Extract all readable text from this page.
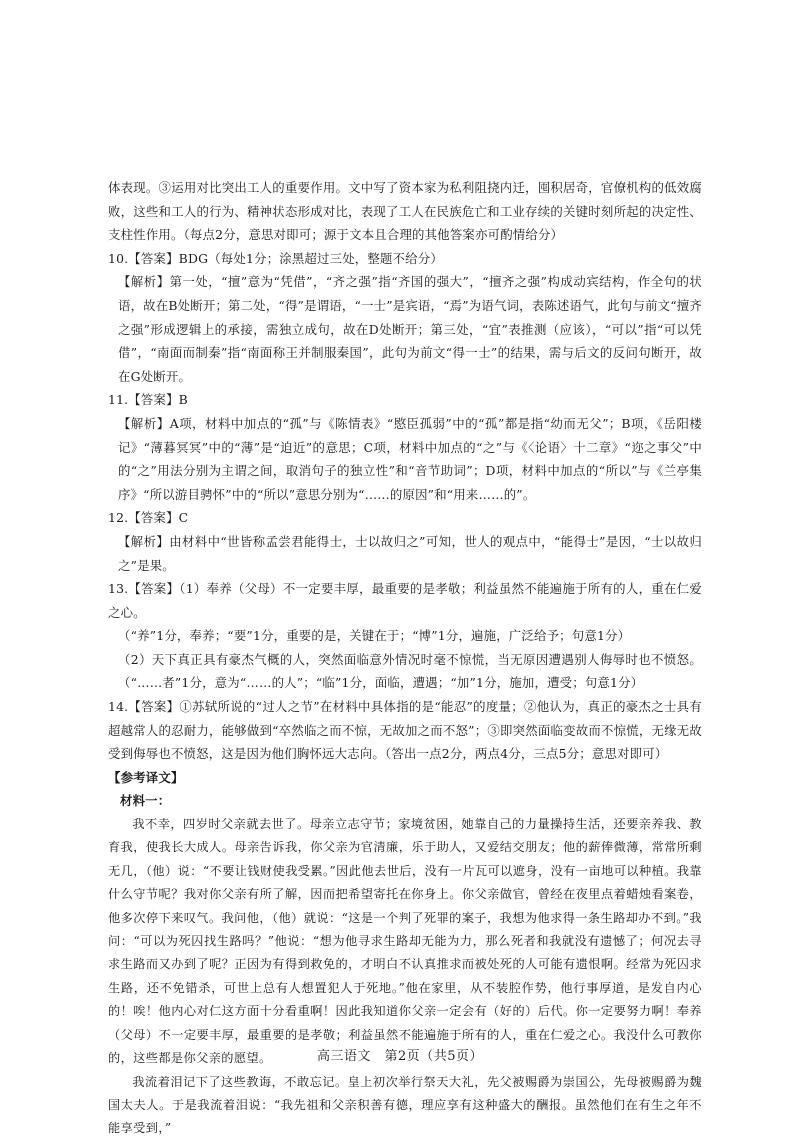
体表现。③运用对比突出工人的重要作用。文中写了资本家为私利阻挠内迁，囤积居奇，官僚机构的低效腐败，这些和工人的行为、精神状态形成对比，表现了工人在民族危亡和工业存续的关键时刻所起的决定性、支柱性作用。（每点2分，意思对即可；源于文本且合理的其他答案亦可酌情给分）

10.【答案】BDG（每处1分；涂黑超过三处，整题不给分）

【解析】第一处，“擅”意为“凭借”，“齐之强”指“齐国的强大”，“擅齐之强”构成动宾结构，作全句的状语，故在B处断开；第二处，“得”是谓语，“一士”是宾语，“焉”为语气词，表陈述语气，此句与前文“擅齐之强”形成逻辑上的承接，需独立成句，故在D处断开；第三处，“宜”表推测（应该），“可以”指“可以凭借”，“南面而制秦”指“南面称王并制服秦国”，此句为前文“得一士”的结果，需与后文的反问句断开，故在G处断开。

11.【答案】B

【解析】A项，材料中加点的“孤”与《陈情表》“愍臣孤弱”中的“孤”都是指“幼而无父”；B项，《岳阳楼记》“薄暮冥冥”中的“薄”是“迫近”的意思；C项，材料中加点的“之”与《〈论语〉十二章》“迩之事父”中的“之”用法分别为主谓之间，取消句子的独立性”和“音节助词”；D项，材料中加点的“所以”与《兰亭集序》“所以游目骋怀”中的“所以”意思分别为“……的原因”和“用来……的”。

12.【答案】C

【解析】由材料中“世皆称孟尝君能得士，士以故归之”可知，世人的观点中，“能得士”是因，“士以故归之”是果。

13.【答案】（1）奉养（父母）不一定要丰厚，最重要的是孝敬；利益虽然不能遍施于所有的人，重在仁爱之心。

（“养”1分，奉养；“要”1分，重要的是，关键在于；“博”1分，遍施，广泛给予；句意1分）

（2）天下真正具有豪杰气概的人，突然面临意外情况时毫不惊慌，当无原因遭遇别人侮辱时也不愤怒。（“……者”1分，意为“……的人”；“临”1分，面临，遭遇；“加”1分，施加，遭受；句意1分）

14.【答案】①苏轼所说的“过人之节”在材料中具体指的是“能忍”的度量；②他认为，真正的豪杰之士具有超越常人的忍耐力，能够做到“卒然临之而不惊，无故加之而不怒”；③即突然面临变故而不惊慌，无缘无故受到侮辱也不愤怒，这是因为他们胸怀远大志向。（答出一点2分，两点4分，三点5分；意思对即可）

【参考译文】

材料一：

我不幸，四岁时父亲就去世了。母亲立志守节；家境贫困，她靠自己的力量操持生活，还要亲养我、教育我，使我长大成人。母亲告诉我，你父亲为官清廉，乐于助人，又爱结交朋友；他的薪俸微薄，常常所剩无几，（他）说：“不要让钱财使我受累。”因此他去世后，没有一片瓦可以遮身，没有一亩地可以种植。我靠什么守节呢？我对你父亲有所了解，因而把希望寄托在你身上。你父亲做官，曾经在夜里点着蜡烛看案卷，他多次停下来叹气。我问他，（他）就说：“这是一个判了死罪的案子，我想为他求得一条生路却办不到。”我问：“可以为死囚找生路吗？”他说：“想为他寻求生路却无能为力，那么死者和我就没有遗憾了；何况去寻求生路而又办到了呢？正因为有得到救免的，才明白不认真推求而被处死的人可能有遗恨啊。经常为死囚求生路，还不免错杀，可世上总有人想置犯人于死地。”他在家里，从不装腔作势，他行事厚道，是发自内心的！唉！他内心对仁这方面十分看重啊！因此我知道你父亲一定会有（好的）后代。你一定要努力啊！奉养（父母）不一定要丰厚，最重要的是孝敬；利益虽然不能遍施于所有的人，重在仁爱之心。我没什么可教你的，这些都是你父亲的愿望。

我流着泪记下了这些教诲，不敢忘记。皇上初次举行祭天大礼，先父被赐爵为崇国公，先母被赐爵为魏国太夫人。于是我流着泪说：“我先祖和父亲积善有德，理应享有这种盛大的酬报。虽然他们在有生之年不能享受到，”

高三语文　第2页（共5页）
